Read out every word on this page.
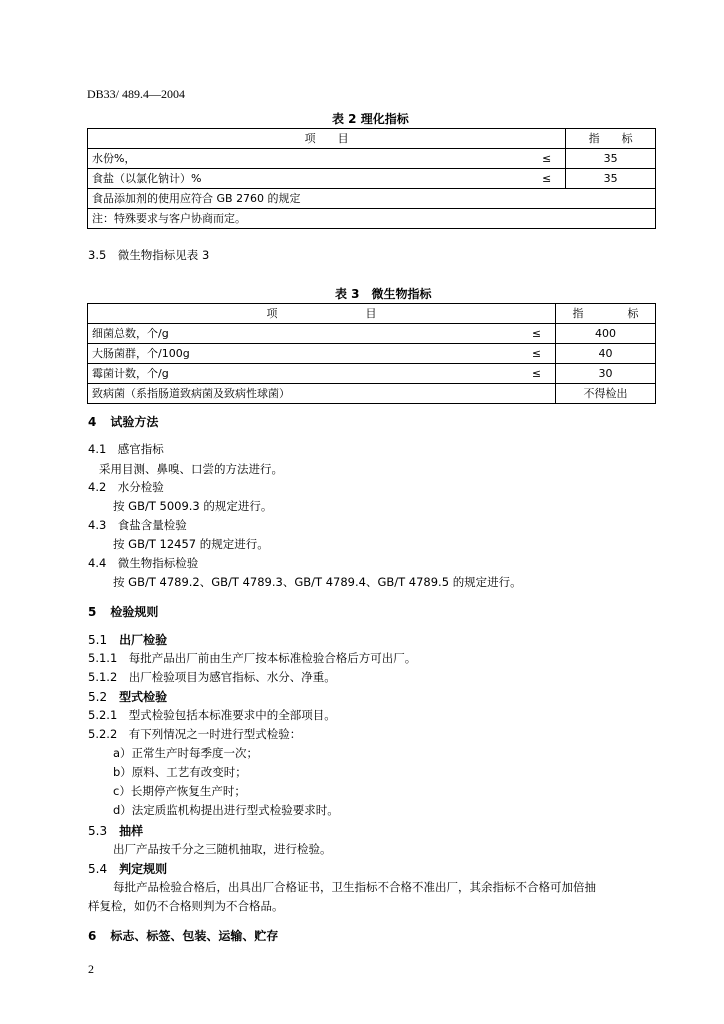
DB33/ 489.4—2004
表 2 理化指标
项　　目		指　　标
水份%，	≤	35
食盐（以氯化钠计）%	≤	35
食品添加剂的使用应符合 GB 2760 的规定		
注：特殊要求与客户协商而定。		
3.5　微生物指标见表 3
表 3　微生物指标
项　　　　　　　　目		指　　　　标
细菌总数，个/g	≤	400
大肠菌群，个/100g	≤	40
霉菌计数，个/g	≤	30
致病菌（系指肠道致病菌及致病性球菌）		不得检出
4 试验方法
4.1　感官指标
采用目测、鼻嗅、口尝的方法进行。
4.2　水分检验
按 GB/T 5009.3 的规定进行。
4.3　食盐含量检验
按 GB/T 12457 的规定进行。
4.4　微生物指标检验
按 GB/T 4789.2、GB/T 4789.3、GB/T 4789.4、GB/T 4789.5 的规定进行。
5 检验规则
5.1 出厂检验
5.1.1　每批产品出厂前由生产厂按本标准检验合格后方可出厂。
5.1.2　出厂检验项目为感官指标、水分、净重。
5.2 型式检验
5.2.1　型式检验包括本标准要求中的全部项目。
5.2.2　有下列情况之一时进行型式检验：
a）正常生产时每季度一次；
b）原料、工艺有改变时；
c）长期停产恢复生产时；
d）法定质监机构提出进行型式检验要求时。
5.3 抽样
出厂产品按千分之三随机抽取，进行检验。
5.4 判定规则
每批产品检验合格后，出具出厂合格证书，卫生指标不合格不准出厂，其余指标不合格可加倍抽
样复检，如仍不合格则判为不合格品。
6 标志、标签、包装、运输、贮存
2
